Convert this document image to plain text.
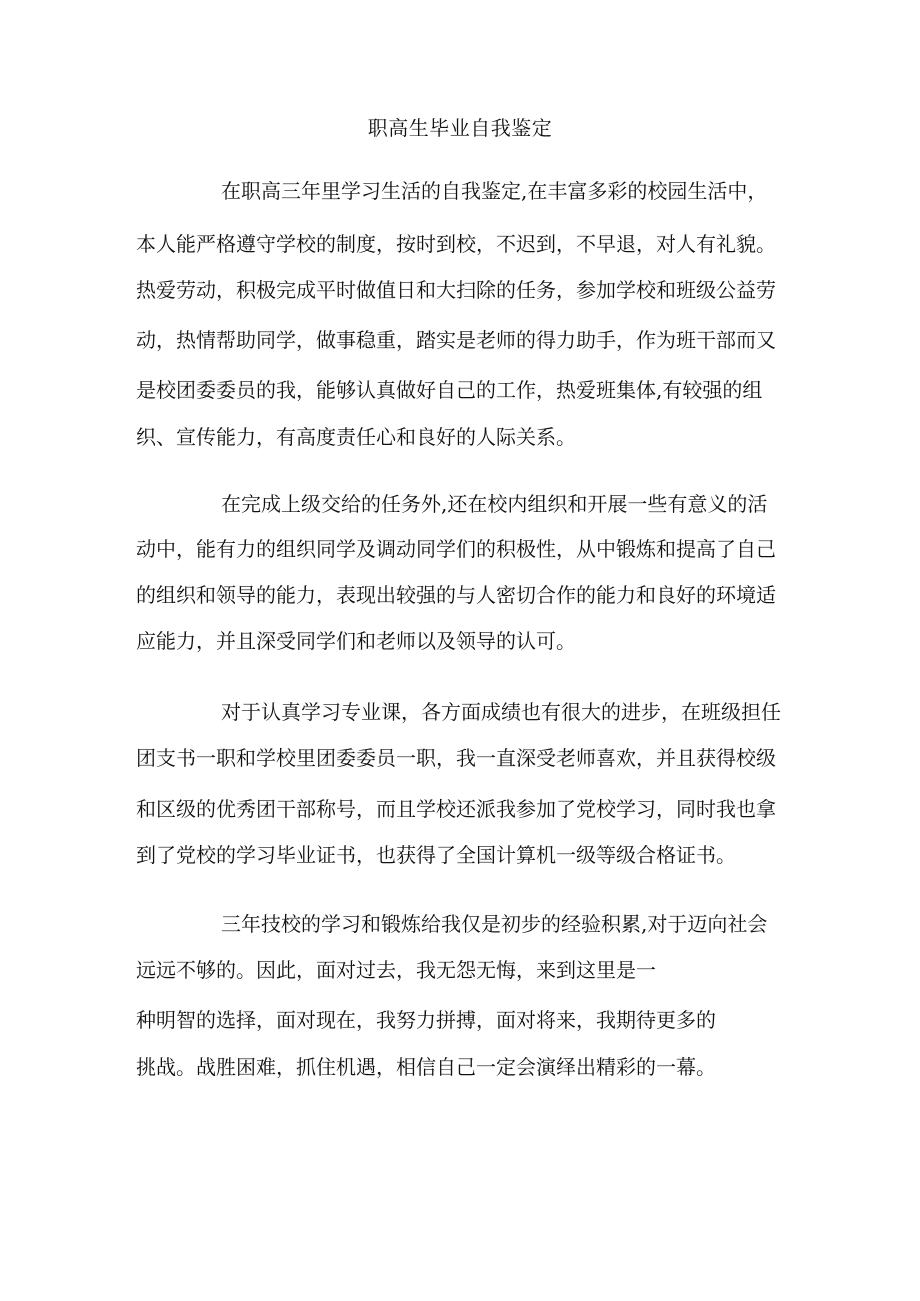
职高生毕业自我鉴定
在职高三年里学习生活的自我鉴定,在丰富多彩的校园生活中，
本人能严格遵守学校的制度，按时到校，不迟到，不早退，对人有礼貌。
热爱劳动，积极完成平时做值日和大扫除的任务，参加学校和班级公益劳
动，热情帮助同学，做事稳重，踏实是老师的得力助手，作为班干部而又
是校团委委员的我，能够认真做好自己的工作，热爱班集体,有较强的组
织、宣传能力，有高度责任心和良好的人际关系。
在完成上级交给的任务外,还在校内组织和开展一些有意义的活
动中，能有力的组织同学及调动同学们的积极性，从中锻炼和提高了自己
的组织和领导的能力，表现出较强的与人密切合作的能力和良好的环境适
应能力，并且深受同学们和老师以及领导的认可。
对于认真学习专业课，各方面成绩也有很大的进步，在班级担任
团支书一职和学校里团委委员一职，我一直深受老师喜欢，并且获得校级
和区级的优秀团干部称号，而且学校还派我参加了党校学习，同时我也拿
到了党校的学习毕业证书，也获得了全国计算机一级等级合格证书。
三年技校的学习和锻炼给我仅是初步的经验积累,对于迈向社会
远远不够的。因此，面对过去，我无怨无悔，来到这里是一
种明智的选择，面对现在，我努力拼搏，面对将来，我期待更多的
挑战。战胜困难，抓住机遇，相信自己一定会演绎出精彩的一幕。
